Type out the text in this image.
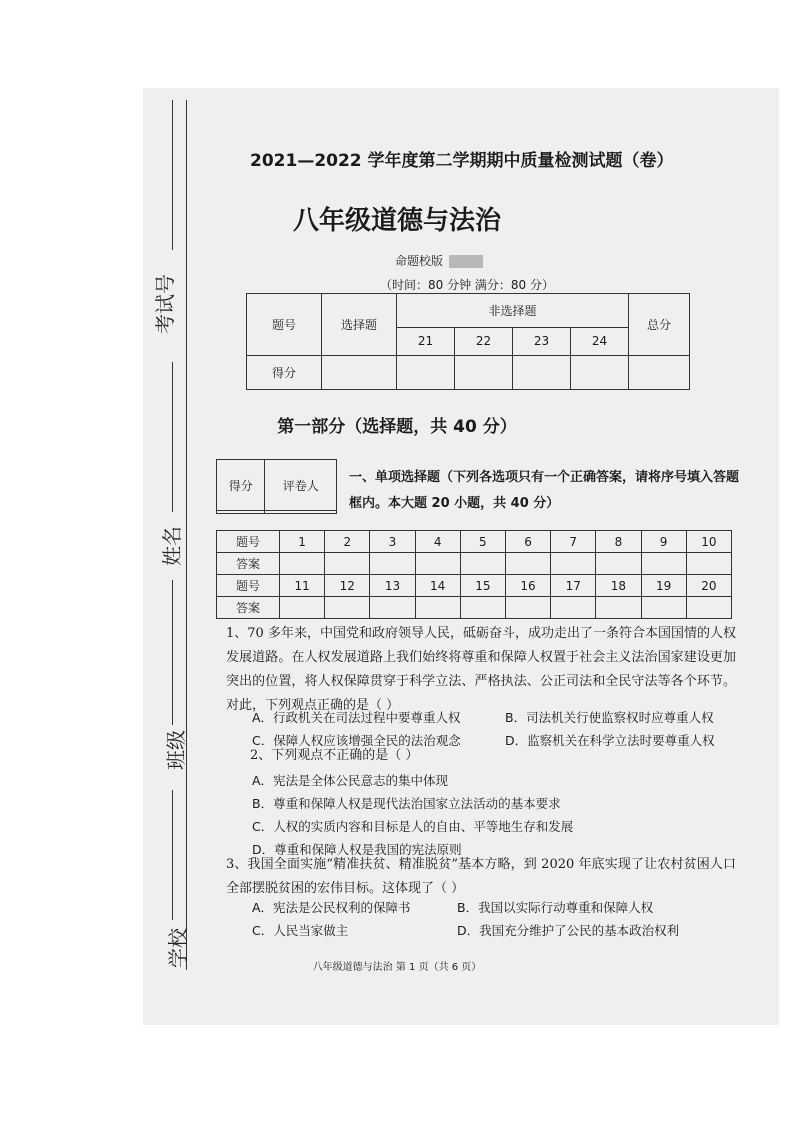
考试号
姓名
班级
学校
2021—2022 学年度第二学期期中质量检测试题（卷）
八年级道德与法治
命题校版
（时间：80 分钟 满分：80 分）
题号	选择题	非选择题				总分
		21	22	23	24	
得分						
第一部分（选择题，共 40 分）
得分	评卷人

一、单项选择题（下列各选项只有一个正确答案，请将序号填入答题框内。本大题 20 小题，共 40 分）
题号	1	2	3	4	5	6	7	8	9	10
答案										
题号	11	12	13	14	15	16	17	18	19	20
答案										
1、70 多年来，中国党和政府领导人民，砥砺奋斗，成功走出了一条符合本国国情的人权发展道路。在人权发展道路上我们始终将尊重和保障人权置于社会主义法治国家建设更加突出的位置，将人权保障贯穿于科学立法、严格执法、公正司法和全民守法等各个环节。对此，下列观点正确的是（ ）
A．行政机关在司法过程中要尊重人权	B．司法机关行使监察权时应尊重人权
C．保障人权应该增强全民的法治观念	D．监察机关在科学立法时要尊重人权
2、下列观点不正确的是（ ）
A．宪法是全体公民意志的集中体现
B．尊重和保障人权是现代法治国家立法活动的基本要求
C．人权的实质内容和目标是人的自由、平等地生存和发展
D．尊重和保障人权是我国的宪法原则
3、我国全面实施“精准扶贫、精准脱贫”基本方略，到 2020 年底实现了让农村贫困人口全部摆脱贫困的宏伟目标。这体现了（ ）
A．宪法是公民权利的保障书	B．我国以实际行动尊重和保障人权
C．人民当家做主	D．我国充分维护了公民的基本政治权利
八年级道德与法治 第 1 页（共 6 页）
